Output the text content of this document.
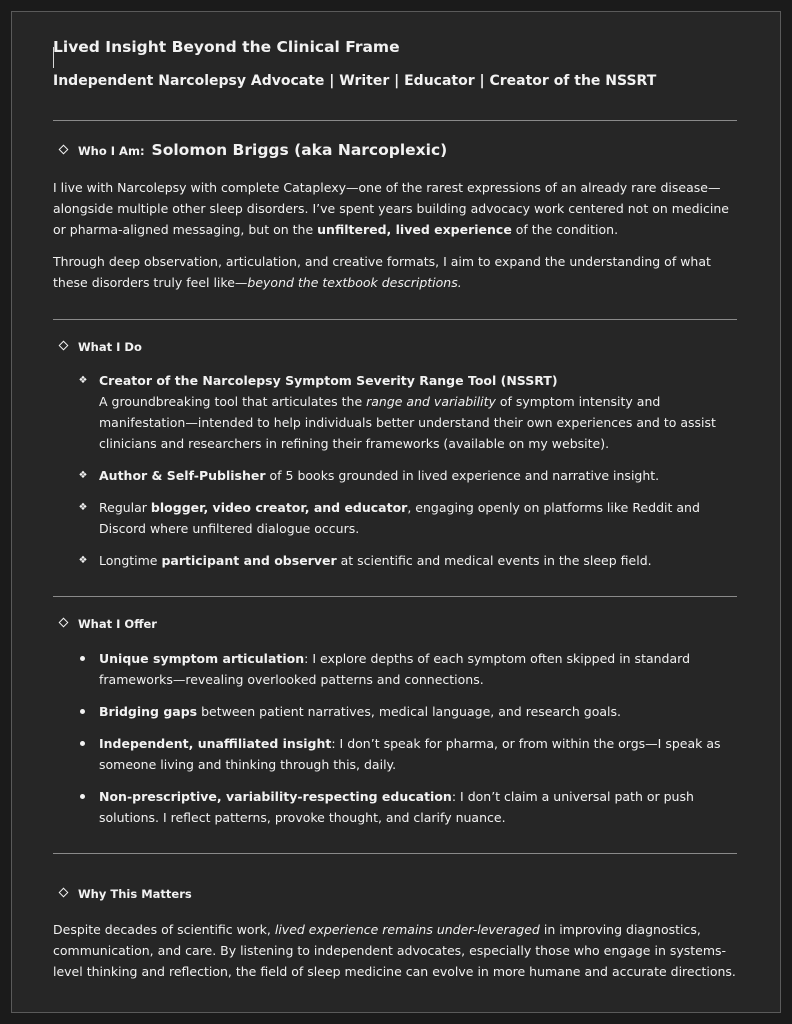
Lived Insight Beyond the Clinical Frame
Independent Narcolepsy Advocate | Writer | Educator | Creator of the NSSRT
Who I Am: Solomon Briggs (aka Narcoplexic)

I live with Narcolepsy with complete Cataplexy—one of the rarest expressions of an already rare disease— alongside multiple other sleep disorders. I’ve spent years building advocacy work centered not on medicine or pharma-aligned messaging, but on the unfiltered, lived experience of the condition.

Through deep observation, articulation, and creative formats, I aim to expand the understanding of what these disorders truly feel like—beyond the textbook descriptions.

What I Do
❖ Creator of the Narcolepsy Symptom Severity Range Tool (NSSRT)
A groundbreaking tool that articulates the range and variability of symptom intensity and manifestation—intended to help individuals better understand their own experiences and to assist clinicians and researchers in refining their frameworks (available on my website).
❖ Author & Self-Publisher of 5 books grounded in lived experience and narrative insight.
❖ Regular blogger, video creator, and educator, engaging openly on platforms like Reddit and Discord where unfiltered dialogue occurs.
❖ Longtime participant and observer at scientific and medical events in the sleep field.
What I Offer
Unique symptom articulation: I explore depths of each symptom often skipped in standard frameworks—revealing overlooked patterns and connections.
Bridging gaps between patient narratives, medical language, and research goals.
Independent, unaffiliated insight: I don’t speak for pharma, or from within the orgs—I speak as someone living and thinking through this, daily.
Non-prescriptive, variability-respecting education: I don’t claim a universal path or push solutions. I reflect patterns, provoke thought, and clarify nuance.
Why This Matters

Despite decades of scientific work, lived experience remains under-leveraged in improving diagnostics, communication, and care. By listening to independent advocates, especially those who engage in systems-level thinking and reflection, the field of sleep medicine can evolve in more humane and accurate directions.
